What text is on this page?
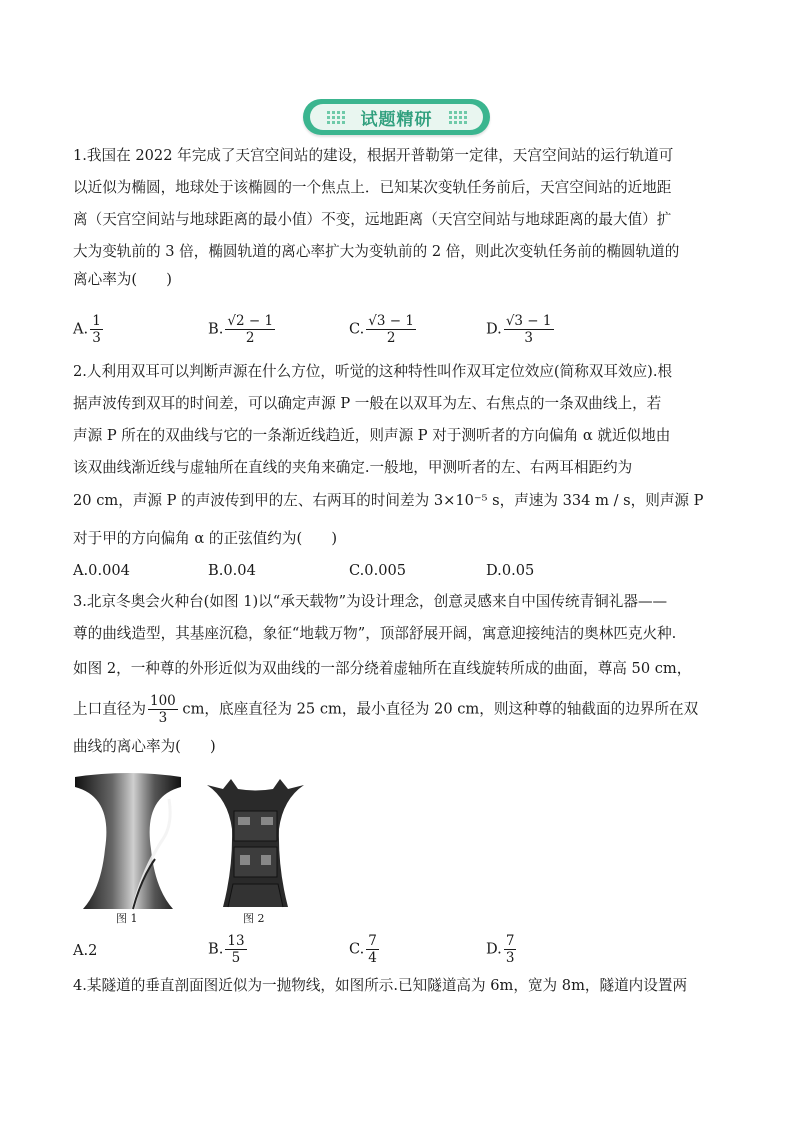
试题精研
1.我国在 2022 年完成了天宫空间站的建设，根据开普勒第一定律，天宫空间站的运行轨道可
以近似为椭圆，地球处于该椭圆的一个焦点上．已知某次变轨任务前后，天宫空间站的近地距
离（天宫空间站与地球距离的最小值）不变，远地距离（天宫空间站与地球距离的最大值）扩
大为变轨前的 3 倍，椭圆轨道的离心率扩大为变轨前的 2 倍，则此次变轨任务前的椭圆轨道的
离心率为(　　)
A. $\frac{1}{3}$	B. $\frac{√2 - 1}{2}$	C. $\frac{√3 - 1}{2}$	D. $\frac{√3 - 1}{3}$
2.人利用双耳可以判断声源在什么方位，听觉的这种特性叫作双耳定位效应(简称双耳效应).根
据声波传到双耳的时间差，可以确定声源 P 一般在以双耳为左、右焦点的一条双曲线上，若
声源 P 所在的双曲线与它的一条渐近线趋近，则声源 P 对于测听者的方向偏角 α 就近似地由
该双曲线渐近线与虚轴所在直线的夹角来确定.一般地，甲测听者的左、右两耳相距约为
20 cm，声源 P 的声波传到甲的左、右两耳的时间差为 3×10⁻⁵ s，声速为 334 m / s，则声源 P
对于甲的方向偏角 α 的正弦值约为(　　)
A.0.004	B.0.04	C.0.005	D.0.05
3.北京冬奥会火种台(如图 1)以“承天载物”为设计理念，创意灵感来自中国传统青铜礼器——
尊的曲线造型，其基座沉稳，象征“地载万物”，顶部舒展开阔，寓意迎接纯洁的奥林匹克火种.
如图 2，一种尊的外形近似为双曲线的一部分绕着虚轴所在直线旋转所成的曲面，尊高 50 cm，
上口直径为 $\frac{100}{3}$ cm，底座直径为 25 cm，最小直径为 20 cm，则这种尊的轴截面的边界所在双
曲线的离心率为(　　)
图 1	图 2
A.2	B. $\frac{13}{5}$	C. $\frac{7}{4}$	D. $\frac{7}{3}$
4.某隧道的垂直剖面图近似为一抛物线，如图所示.已知隧道高为 6m，宽为 8m，隧道内设置两
